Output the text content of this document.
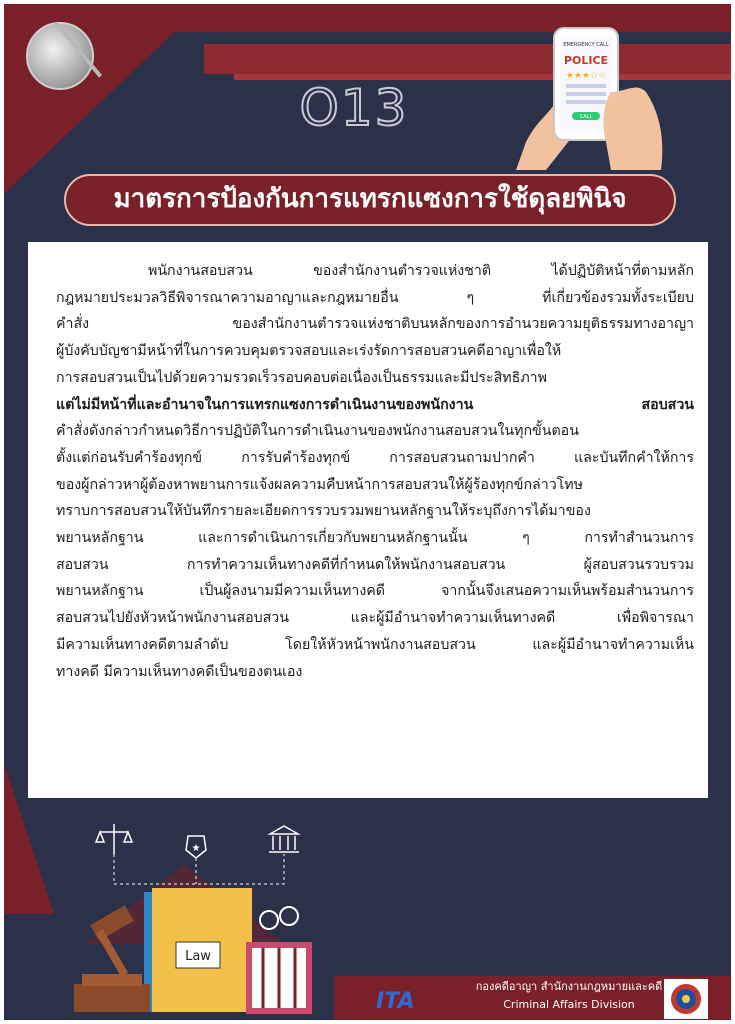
O13
EMERGENCY CALL
POLICE
★★★☆☆
CALL
มาตรการป้องกันการแทรกแซงการใช้ดุลยพินิจ

พนักงานสอบสวน ของสำนักงานตำรวจแห่งชาติ ได้ปฏิบัติหน้าที่ตามหลัก

กฎหมายประมวลวิธีพิจารณาความอาญาและกฎหมายอื่น ๆ ที่เกี่ยวข้องรวมทั้งระเบียบ

คำสั่ง ของสำนักงานตำรวจแห่งชาติบนหลักของการอำนวยความยุติธรรมทางอาญา

ผู้บังคับบัญชามีหน้าที่ในการควบคุมตรวจสอบและเร่งรัดการสอบสวนคดีอาญาเพื่อให้

การสอบสวนเป็นไปด้วยความรวดเร็วรอบคอบต่อเนื่องเป็นธรรมและมีประสิทธิภาพ

แต่ไม่มีหน้าที่และอำนาจในการแทรกแซงการดำเนินงานของพนักงาน สอบสวน

คำสั่งดังกล่าวกำหนดวิธีการปฏิบัติในการดำเนินงานของพนักงานสอบสวนในทุกขั้นตอน

ตั้งแต่ก่อนรับคำร้องทุกข์ การรับคำร้องทุกข์ การสอบสวนถามปากคำ และบันทึกคำให้การ

ของผู้กล่าวหาผู้ต้องหาพยานการแจ้งผลความคืบหน้าการสอบสวนให้ผู้ร้องทุกข์กล่าวโทษ

ทราบการสอบสวนให้บันทึกรายละเอียดการรวบรวมพยานหลักฐานให้ระบุถึงการได้มาของ

พยานหลักฐาน และการดำเนินการเกี่ยวกับพยานหลักฐานนั้น ๆ การทำสำนวนการ

สอบสวน การทำความเห็นทางคดีที่กำหนดให้พนักงานสอบสวน ผู้สอบสวนรวบรวม

พยานหลักฐาน เป็นผู้ลงนามมีความเห็นทางคดี จากนั้นจึงเสนอความเห็นพร้อมสำนวนการ

สอบสวนไปยังหัวหน้าพนักงานสอบสวน และผู้มีอำนาจทำความเห็นทางคดี เพื่อพิจารณา

มีความเห็นทางคดีตามลำดับ โดยให้หัวหน้าพนักงานสอบสวน และผู้มีอำนาจทำความเห็น

ทางคดี มีความเห็นทางคดีเป็นของตนเอง

★
Law
ITA
กองคดีอาญา สำนักงานกฎหมายและคดี
Criminal Affairs Division
